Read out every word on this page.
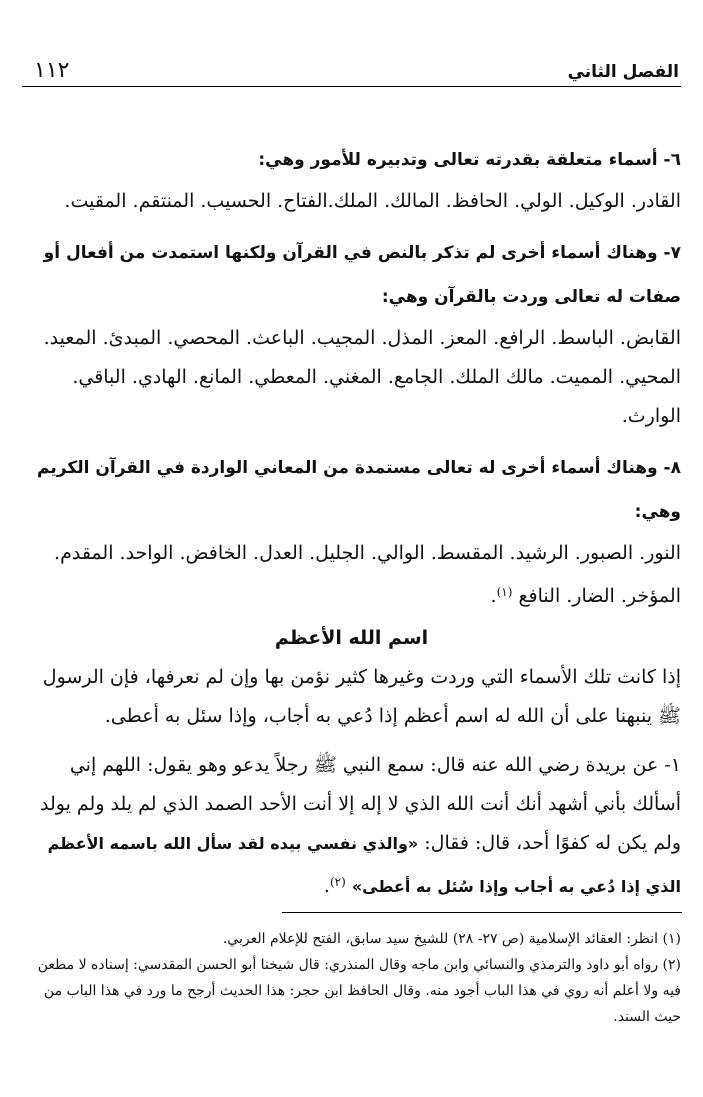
الفصل الثاني
١١٢

٦- أسماء متعلقة بقدرته تعالى وتدبيره للأمور وهي:

القادر. الوكيل. الولي. الحافظ. المالك. الملك.الفتاح. الحسيب. المنتقم. المقيت.

٧- وهناك أسماء أخرى لم تذكر بالنص في القرآن ولكنها استمدت من أفعال أو صفات له تعالى وردت بالقرآن وهي:

القابض. الباسط. الرافع. المعز. المذل. المجيب. الباعث. المحصي. المبدئ. المعيد. المحيي. المميت. مالك الملك. الجامع. المغني. المعطي. المانع. الهادي. الباقي. الوارث.

٨- وهناك أسماء أخرى له تعالى مستمدة من المعاني الواردة في القرآن الكريم وهي:

النور. الصبور. الرشيد. المقسط. الوالي. الجليل. العدل. الخافض. الواحد. المقدم. المؤخر. الضار. النافع $^{(١)}$.

اسم الله الأعظم

إذا كانت تلك الأسماء التي وردت وغيرها كثير نؤمن بها وإن لم نعرفها، فإن الرسول ﷺ ينبهنا على أن الله له اسم أعظم إذا دُعي به أجاب، وإذا سئل به أعطى.

١- عن بريدة رضي الله عنه قال: سمع النبي ﷺ رجلاً يدعو وهو يقول: اللهم إني أسألك بأني أشهد أنك أنت الله الذي لا إله إلا أنت الأحد الصمد الذي لم يلد ولم يولد ولم يكن له كفوًا أحد، قال: فقال: «والذي نفسي بيده لقد سأل الله باسمه الأعظم الذي إذا دُعي به أجاب وإذا سُئل به أعطى» $^{(٢)}$.

(١) انظر: العقائد الإسلامية (ص ٢٧- ٢٨) للشيخ سيد سابق، الفتح للإعلام العربي.

(٢) رواه أبو داود والترمذي والنسائي وابن ماجه وقال المنذري: قال شيخنا أبو الحسن المقدسي: إسناده لا مطعن فيه ولا أعلم أنه روي في هذا الباب أجود منه. وقال الحافظ ابن حجر: هذا الحديث أرجح ما ورد في هذا الباب من حيث السند.
